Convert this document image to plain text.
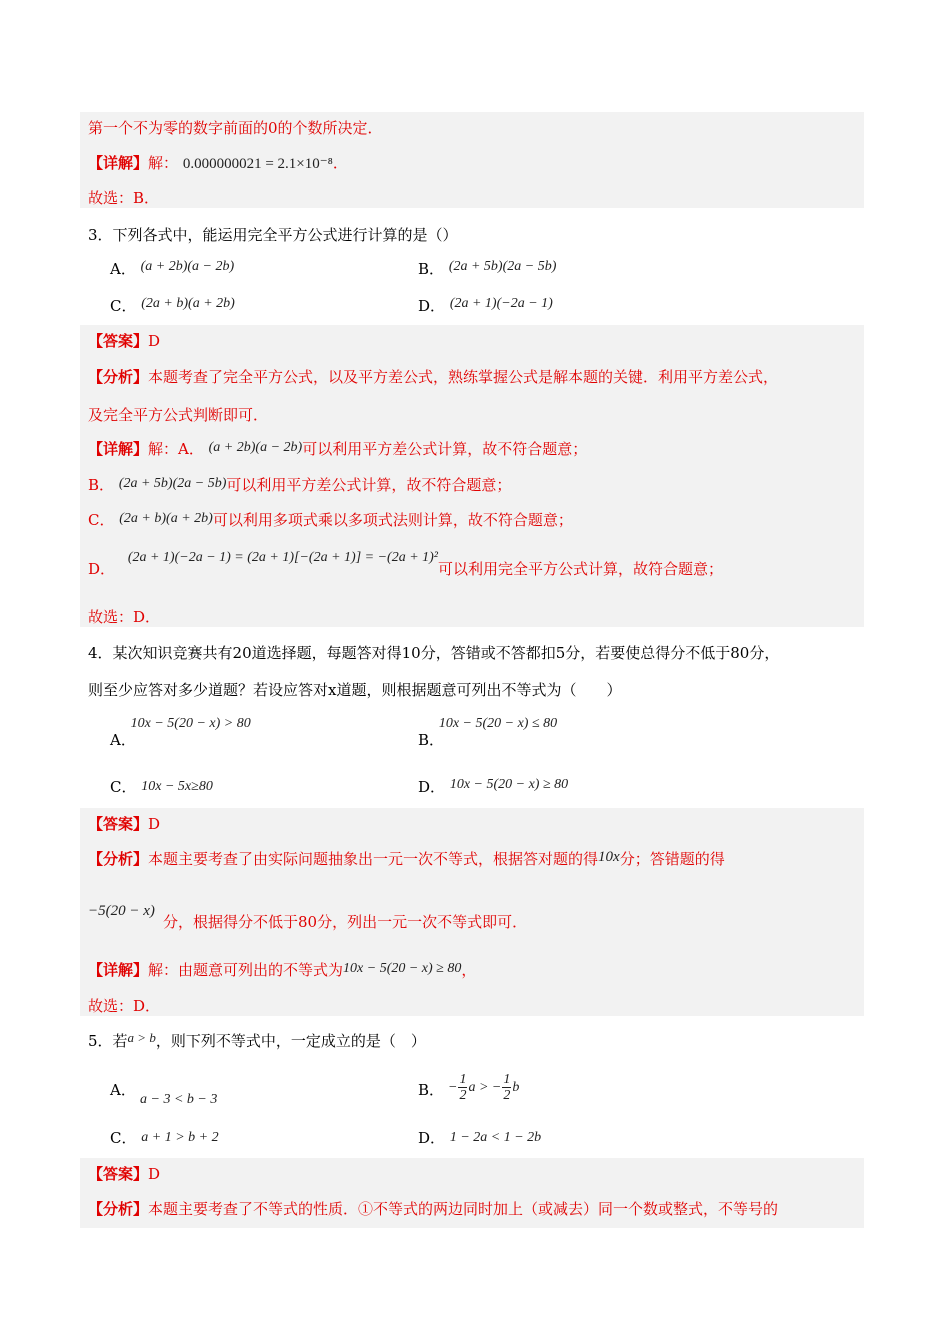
第一个不为零的数字前面的0的个数所决定．
【详解】解： 0.000000021 = 2.1×10⁻⁸．
故选：B．
3．下列各式中，能运用完全平方公式进行计算的是（）
A． (a + 2b)(a − 2b)	B． (2a + 5b)(2a − 5b)
C． (2a + b)(a + 2b)	D． (2a + 1)(−2a − 1)
【答案】D
【分析】本题考查了完全平方公式，以及平方差公式，熟练掌握公式是解本题的关键．利用平方差公式，
及完全平方公式判断即可．
【详解】解：A． (a + 2b)(a − 2b)可以利用平方差公式计算，故不符合题意；
B． (2a + 5b)(2a − 5b)可以利用平方差公式计算，故不符合题意；
C． (2a + b)(a + 2b)可以利用多项式乘以多项式法则计算，故不符合题意；
D． (2a + 1)(−2a − 1) = (2a + 1)[−(2a + 1)] = −(2a + 1)²可以利用完全平方公式计算，故符合题意；
故选：D．
4．某次知识竞赛共有20道选择题，每题答对得10分，答错或不答都扣5分，若要使总得分不低于80分，
则至少应答对多少道题？若设应答对x道题，则根据题意可列出不等式为（　　）
A． 10x − 5(20 − x) > 80
B． 10x − 5(20 − x) ≤ 80
C． 10x − 5x≥80	D． 10x − 5(20 − x) ≥ 80
【答案】D
【分析】本题主要考查了由实际问题抽象出一元一次不等式，根据答对题的得10x分；答错题的得
−5(20 − x)
分，根据得分不低于80分，列出一元一次不等式即可．
【详解】解：由题意可列出的不等式为10x − 5(20 − x) ≥ 80，
故选：D．
5．若a > b，则下列不等式中，一定成立的是（　）
A．
a − 3 < b − 3
B． − $\frac{1}{2}$ a > − $\frac{1}{2}$ b
C． a + 1 > b + 2	D． 1 − 2a < 1 − 2b
【答案】D
【分析】本题主要考查了不等式的性质．①不等式的两边同时加上（或减去）同一个数或整式，不等号的
